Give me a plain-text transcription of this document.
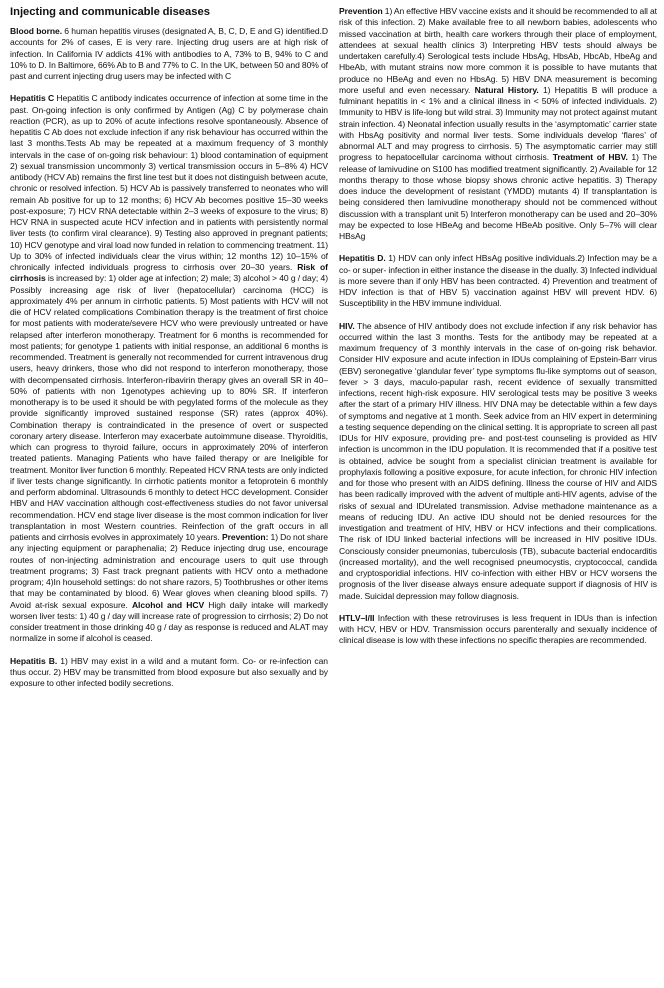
Injecting and communicable diseases

Blood borne. 6 human hepatitis viruses (designated A, B, C, D, E and G) identified.D accounts for 2% of cases, E is very rare. Injecting drug users are at high risk of infection. In California IV addicts 41% with antibodies to A, 73% to B, 94% to C and 10% to D. In Baltimore, 66% Ab to B and 77% to C. In the UK, between 50 and 80% of past and current injecting drug users may be infected with C

Hepatitis C Hepatitis C antibody indicates occurrence of infection at some time in the past. On-going infection is only confirmed by Antigen (Ag) C by polymerase chain reaction (PCR), as up to 20% of acute infections resolve spontaneously. Absence of hepatitis C Ab does not exclude infection if any risk behaviour has occurred within the last 3 months.Tests Ab may be repeated at a maximum frequency of 3 monthly intervals in the case of on-going risk behaviour: 1) blood contamination of equipment 2) sexual transmission uncommonly 3) vertical transmission occurs in 5–8% 4) HCV antibody (HCV Ab) remains the first line test but it does not distinguish between acute, chronic or resolved infection. 5) HCV Ab is passively transferred to neonates who will remain Ab positive for up to 12 months; 6) HCV Ab becomes positive 15–30 weeks post-exposure; 7) HCV RNA detectable within 2–3 weeks of exposure to the virus; 8) HCV RNA in suspected acute HCV infection and in patients with persistently normal liver tests (to confirm viral clearance). 9) Testing also approved in pregnant patients; 10) HCV genotype and viral load now funded in relation to commencing treatment. 11) Up to 30% of infected individuals clear the virus within; 12 months 12) 10–15% of chronically infected individuals progress to cirrhosis over 20–30 years. Risk of cirrhosis is increased by: 1) older age at infection; 2) male; 3) alcohol > 40 g / day; 4) Possibly increasing age risk of liver (hepatocellular) carcinoma (HCC) is approximately 4% per annum in cirrhotic patients. 5) Most patients with HCV will not die of HCV related complications Combination therapy is the treatment of first choice for most patients with moderate/severe HCV who were previously untreated or have relapsed after interferon monotherapy. Treatment for 6 months is recommended for most patients; for genotype 1 patients with initial response, an additional 6 months is recommended. Treatment is generally not recommended for current intravenous drug users, heavy drinkers, those who did not respond to interferon monotherapy, those with decompensated cirrhosis. Interferon-ribavirin therapy gives an overall SR in 40–50% of patients with non 1genotypes achieving up to 80% SR. If interferon monotherapy is to be used it should be with pegylated forms of the molecule as they provide significantly improved sustained response (SR) rates (approx 40%). Combination therapy is contraindicated in the presence of overt or suspected coronary artery disease. Interferon may exacerbate autoimmune disease. Thyroiditis, which can progress to thyroid failure, occurs in approximately 20% of interferon treated patients. Managing Patients who have failed therapy or are Ineligible for treatment. Monitor liver function 6 monthly. Repeated HCV RNA tests are only indicted if liver tests change significantly. In cirrhotic patients monitor a fetoprotein 6 monthly and perform abdominal. Ultrasounds 6 monthly to detect HCC development. Consider HBV and HAV vaccination although cost-effectiveness studies do not favor universal recommendation. HCV end stage liver disease is the most common indication for liver transplantation in most Western countries. Reinfection of the graft occurs in all patients and cirrhosis evolves in approximately 10 years. Prevention: 1) Do not share any injecting equipment or paraphenalia; 2) Reduce injecting drug use, encourage routes of non-injecting administration and encourage users to quit use through treatment programs; 3) Fast track pregnant patients with HCV onto a methadone program; 4)In household settings: do not share razors, 5) Toothbrushes or other items that may be contaminated by blood. 6) Wear gloves when cleaning blood spills. 7) Avoid at-risk sexual exposure. Alcohol and HCV High daily intake will markedly worsen liver tests: 1) 40 g / day will increase rate of progression to cirrhosis; 2) Do not consider treatment in those drinking 40 g / day as response is reduced and ALAT may normalize in some if alcohol is ceased.

Hepatitis B. 1) HBV may exist in a wild and a mutant form. Co- or re-infection can thus occur. 2) HBV may be transmitted from blood exposure but also sexually and by exposure to other infected bodily secretions.

Prevention 1) An effective HBV vaccine exists and it should be recommended to all at risk of this infection. 2) Make available free to all newborn babies, adolescents who missed vaccination at birth, health care workers through their place of employment, attendees at sexual health clinics 3) Interpreting HBV tests should always be undertaken carefully.4) Serological tests include HbsAg, HbsAb, HbcAb, HbeAg and HbeAb, with mutant strains now more common it is possible to have mutants that produce no HBeAg and even no HbsAg. 5) HBV DNA measurement is becoming more useful and even necessary. Natural History. 1) Hepatitis B will produce a fulminant hepatitis in < 1% and a clinical illness in < 50% of infected individuals. 2) Immunity to HBV is life-long but wild strai. 3) Immunity may not protect against mutant strain infection. 4) Neonatal infection usually results in the ‘asymptomatic’ carrier state with HbsAg positivity and normal liver tests. Some individuals develop ‘flares’ of abnormal ALT and may progress to cirrhosis. 5) The asymptomatic carrier may still progress to hepatocellular carcinoma without cirrhosis. Treatment of HBV. 1) The release of lamivudine on S100 has modified treatment significantly. 2) Available for 12 months therapy to those whose biopsy shows chronic active hepatitis. 3) Therapy does induce the development of resistant (YMDD) mutants 4) If transplantation is being considered then lamivudine monotherapy should not be commenced without discussion with a transplant unit 5) Interferon monotherapy can be used and 20–30% may be expected to lose HBeAg and become HBeAb positive. Only 5–7% will clear HBsAg

Hepatitis D. 1) HDV can only infect HBsAg positive individuals.2) Infection may be a co- or super- infection in either instance the disease in the dually. 3) Infected individual is more severe than if only HBV has been contracted. 4) Prevention and treatment of HDV infection is that of HBV 5) vaccination against HBV will prevent HDV. 6) Susceptibility in the HBV immune individual.

HIV. The absence of HIV antibody does not exclude infection if any risk behavior has occurred within the last 3 months. Tests for the antibody may be repeated at a maximum frequency of 3 monthly intervals in the case of on-going risk behavior. Consider HIV exposure and acute infection in IDUs complaining of Epstein-Barr virus (EBV) seronegative ‘glandular fever’ type symptoms flu-like symptoms out of season, fever > 3 days, maculo-papular rash, recent evidence of sexually transmitted infections, recent high-risk exposure. HIV serological tests may be positive 3 weeks after the start of a primary HIV illness. HIV DNA may be detectable within a few days of symptoms and negative at 1 month. Seek advice from an HIV expert in determining a testing sequence depending on the clinical setting. It is appropriate to screen all past IDUs for HIV exposure, providing pre- and post-test counseling is provided as HIV infection is uncommon in the IDU population. It is recommended that if a positive test is obtained, advice be sought from a specialist clinician treatment is available for prophylaxis following a positive exposure, for acute infection, for chronic HIV infection and for those who present with an AIDS defining. Illness the course of HIV and AIDS has been radically improved with the advent of multiple anti-HIV agents, advise of the risks of sexual and IDUrelated transmission. Advise methadone maintenance as a means of reducing IDU. An active IDU should not be denied resources for the investigation and treatment of HIV, HBV or HCV infections and their complications. The risk of IDU linked bacterial infections will be increased in HIV positive IDUs. Consciously consider pneumonias, tuberculosis (TB), subacute bacterial endocarditis (increased mortality), and the well recognised pneumocystis, cryptococcal, candida and cryptosporidial infections. HIV co-infection with either HBV or HCV worsens the prognosis of the liver disease always ensure adequate support if diagnosis of HIV is made. Suicidal depression may follow diagnosis.

HTLV–I/II Infection with these retroviruses is less frequent in IDUs than is infection with HCV, HBV or HDV. Transmission occurs parenterally and sexually incidence of clinical disease is low with these infections no specific therapies are recommended.
